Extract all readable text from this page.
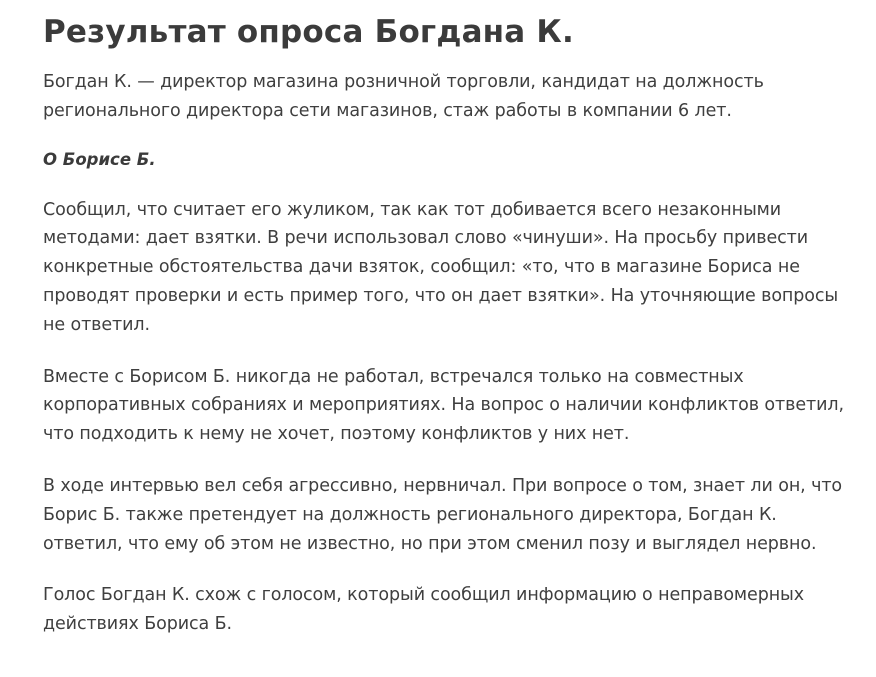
Результат опроса Богдана К.

Богдан К. — директор магазина розничной торговли, кандидат на должность регионального директора сети магазинов, стаж работы в компании 6 лет.

О Борисе Б.

Сообщил, что считает его жуликом, так как тот добивается всего незаконными методами: дает взятки. В речи использовал слово «чинуши». На просьбу привести конкретные обстоятельства дачи взяток, сообщил: «то, что в магазине Бориса не проводят проверки и есть пример того, что он дает взятки». На уточняющие вопросы не ответил.

Вместе с Борисом Б. никогда не работал, встречался только на совместных корпоративных собраниях и мероприятиях. На вопрос о наличии конфликтов ответил, что подходить к нему не хочет, поэтому конфликтов у них нет.

В ходе интервью вел себя агрессивно, нервничал. При вопросе о том, знает ли он, что Борис Б. также претендует на должность регионального директора, Богдан К. ответил, что ему об этом не известно, но при этом сменил позу и выглядел нервно.

Голос Богдан К. схож с голосом, который сообщил информацию о неправомерных действиях Бориса Б.
